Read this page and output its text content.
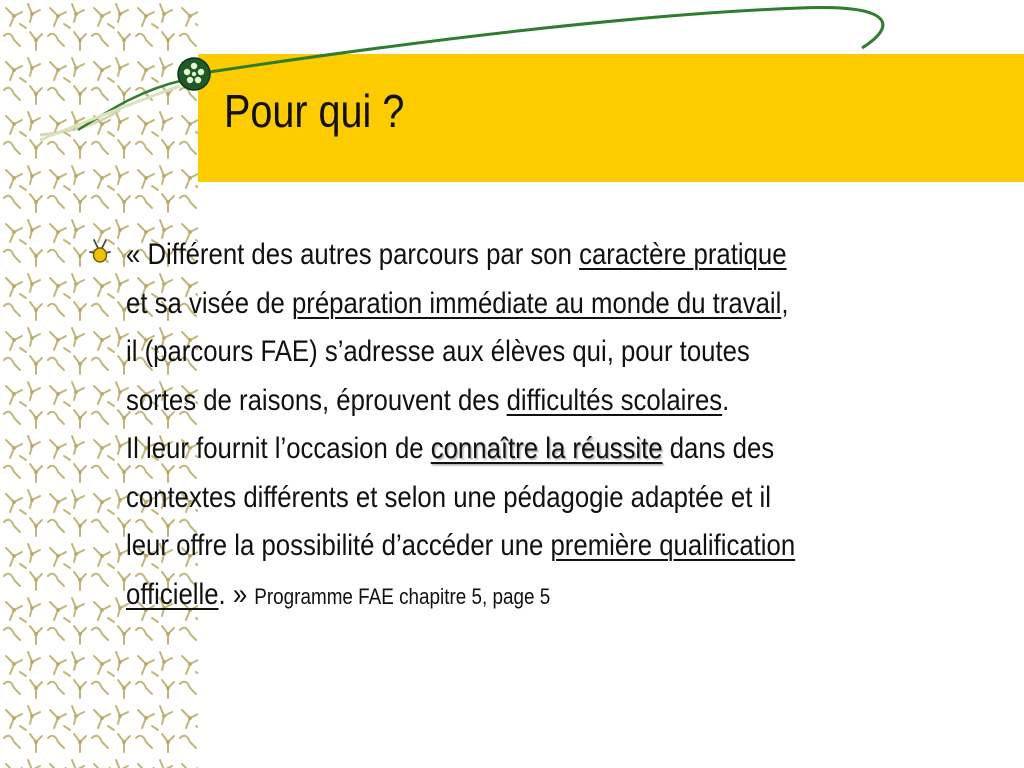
Pour qui ?
« Différent des autres parcours par son caractère pratique
et sa visée de préparation immédiate au monde du travail,
il (parcours FAE) s’adresse aux élèves qui, pour toutes
sortes de raisons, éprouvent des difficultés scolaires.
Il leur fournit l’occasion de connaître la réussite dans des
contextes différents et selon une pédagogie adaptée et il
leur offre la possibilité d’accéder une première qualification
officielle. » Programme FAE chapitre 5, page 5
